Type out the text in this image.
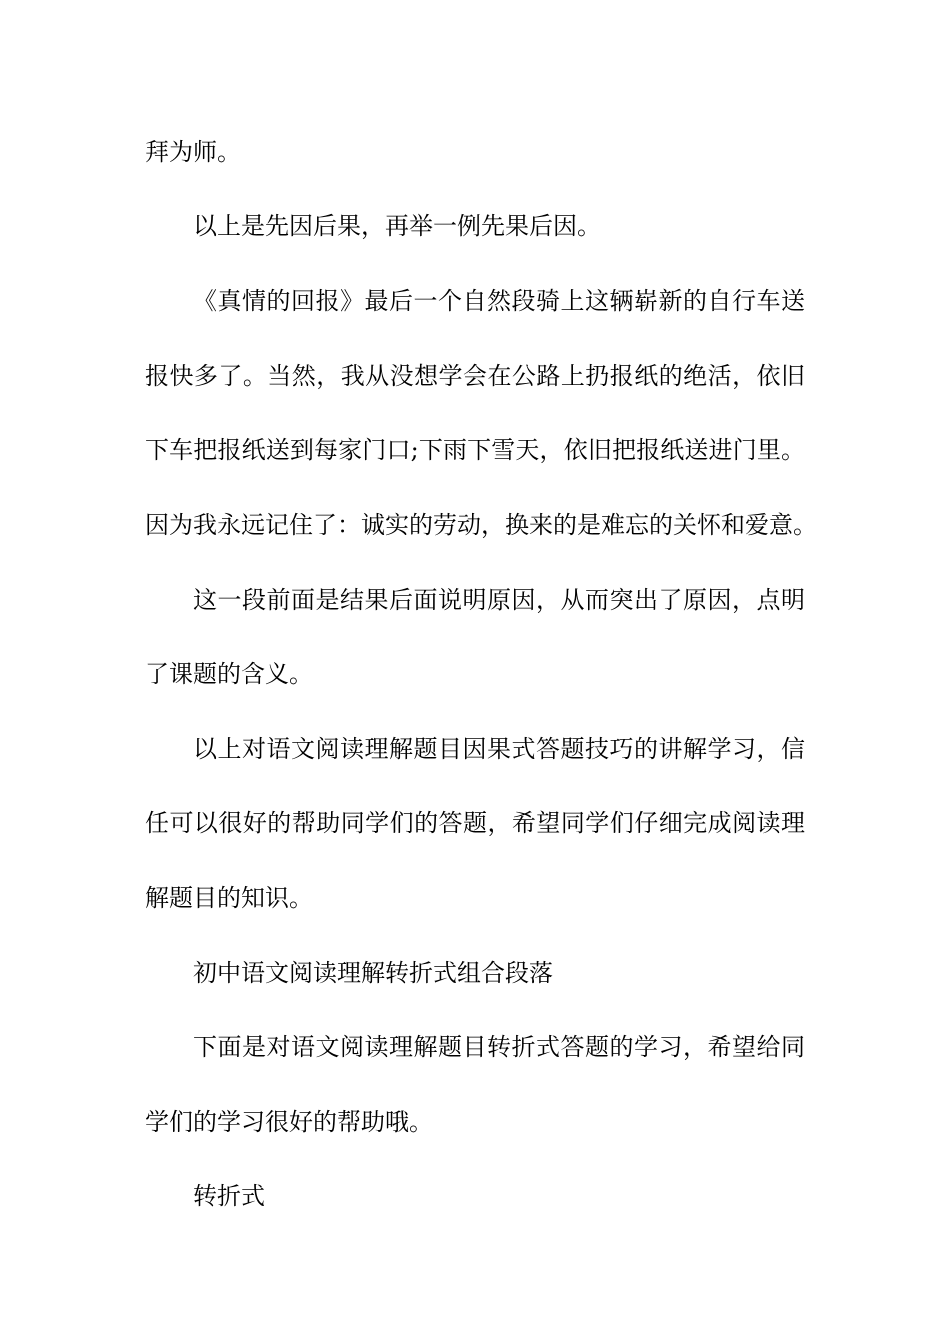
拜为师。
以上是先因后果，再举一例先果后因。
《真情的回报》最后一个自然段骑上这辆崭新的自行车送
报快多了。当然，我从没想学会在公路上扔报纸的绝活，依旧
下车把报纸送到每家门口;下雨下雪天，依旧把报纸送进门里。
因为我永远记住了：诚实的劳动，换来的是难忘的关怀和爱意。
这一段前面是结果后面说明原因，从而突出了原因，点明
了课题的含义。
以上对语文阅读理解题目因果式答题技巧的讲解学习，信
任可以很好的帮助同学们的答题，希望同学们仔细完成阅读理
解题目的知识。
初中语文阅读理解转折式组合段落
下面是对语文阅读理解题目转折式答题的学习，希望给同
学们的学习很好的帮助哦。
转折式
